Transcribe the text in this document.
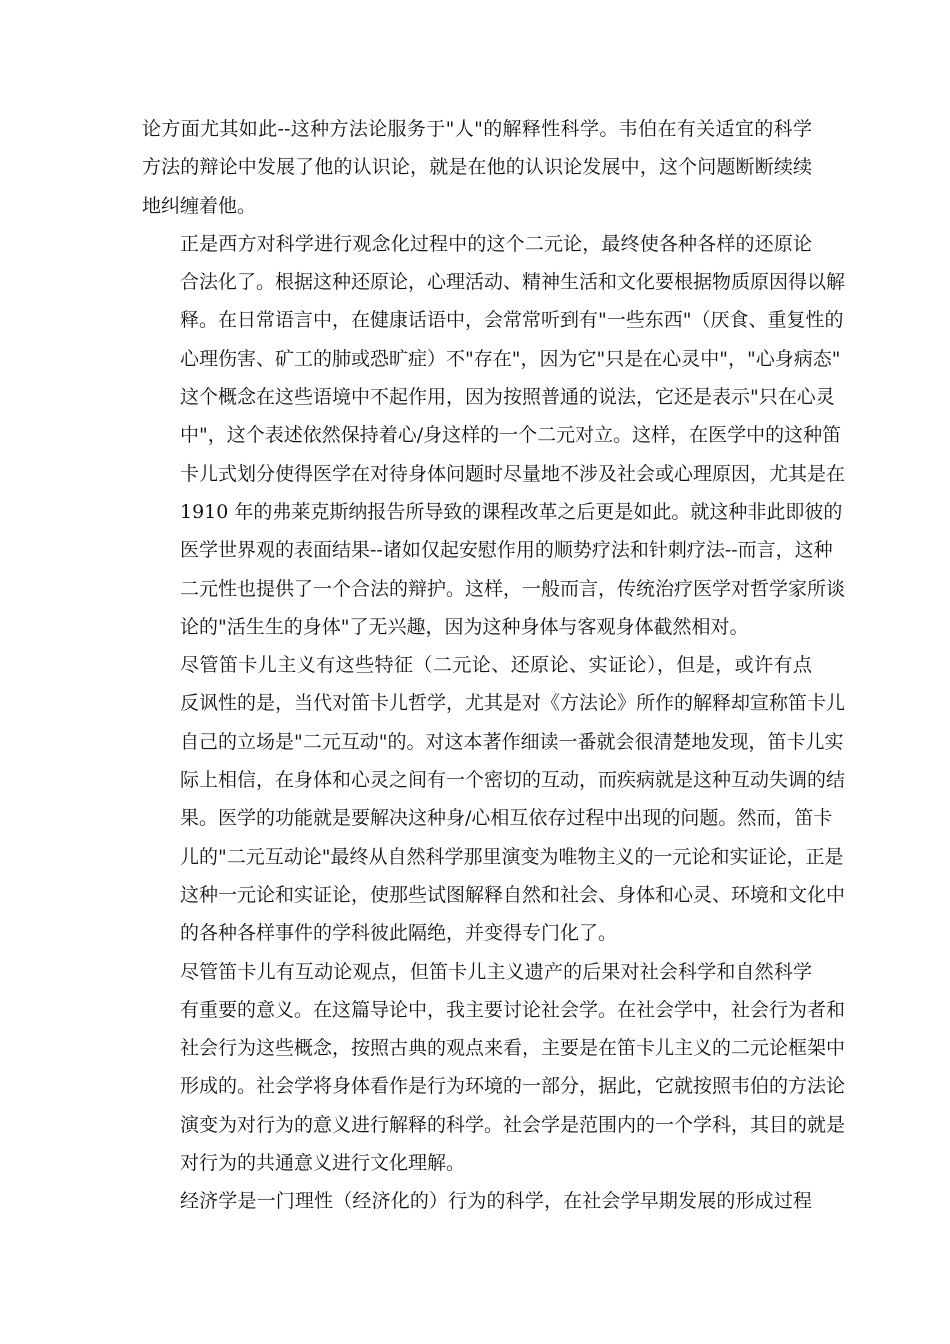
论方面尤其如此--这种方法论服务于"人"的解释性科学。韦伯在有关适宜的科学
方法的辩论中发展了他的认识论，就是在他的认识论发展中，这个问题断断续续
地纠缠着他。
正是西方对科学进行观念化过程中的这个二元论，最终使各种各样的还原论
合法化了。根据这种还原论，心理活动、精神生活和文化要根据物质原因得以解
释。在日常语言中，在健康话语中，会常常听到有"一些东西"（厌食、重复性的
心理伤害、矿工的肺或恐旷症）不"存在"，因为它"只是在心灵中"，"心身病态"
这个概念在这些语境中不起作用，因为按照普通的说法，它还是表示"只在心灵
中"，这个表述依然保持着心/身这样的一个二元对立。这样，在医学中的这种笛
卡儿式划分使得医学在对待身体问题时尽量地不涉及社会或心理原因，尤其是在
1910 年的弗莱克斯纳报告所导致的课程改革之后更是如此。就这种非此即彼的
医学世界观的表面结果--诸如仅起安慰作用的顺势疗法和针刺疗法--而言，这种
二元性也提供了一个合法的辩护。这样，一般而言，传统治疗医学对哲学家所谈
论的"活生生的身体"了无兴趣，因为这种身体与客观身体截然相对。
尽管笛卡儿主义有这些特征（二元论、还原论、实证论），但是，或许有点
反讽性的是，当代对笛卡儿哲学，尤其是对《方法论》所作的解释却宣称笛卡儿
自己的立场是"二元互动"的。对这本著作细读一番就会很清楚地发现，笛卡儿实
际上相信，在身体和心灵之间有一个密切的互动，而疾病就是这种互动失调的结
果。医学的功能就是要解决这种身/心相互依存过程中出现的问题。然而，笛卡
儿的"二元互动论"最终从自然科学那里演变为唯物主义的一元论和实证论，正是
这种一元论和实证论，使那些试图解释自然和社会、身体和心灵、环境和文化中
的各种各样事件的学科彼此隔绝，并变得专门化了。
尽管笛卡儿有互动论观点，但笛卡儿主义遗产的后果对社会科学和自然科学
有重要的意义。在这篇导论中，我主要讨论社会学。在社会学中，社会行为者和
社会行为这些概念，按照古典的观点来看，主要是在笛卡儿主义的二元论框架中
形成的。社会学将身体看作是行为环境的一部分，据此，它就按照韦伯的方法论
演变为对行为的意义进行解释的科学。社会学是范围内的一个学科，其目的就是
对行为的共通意义进行文化理解。
经济学是一门理性（经济化的）行为的科学，在社会学早期发展的形成过程
